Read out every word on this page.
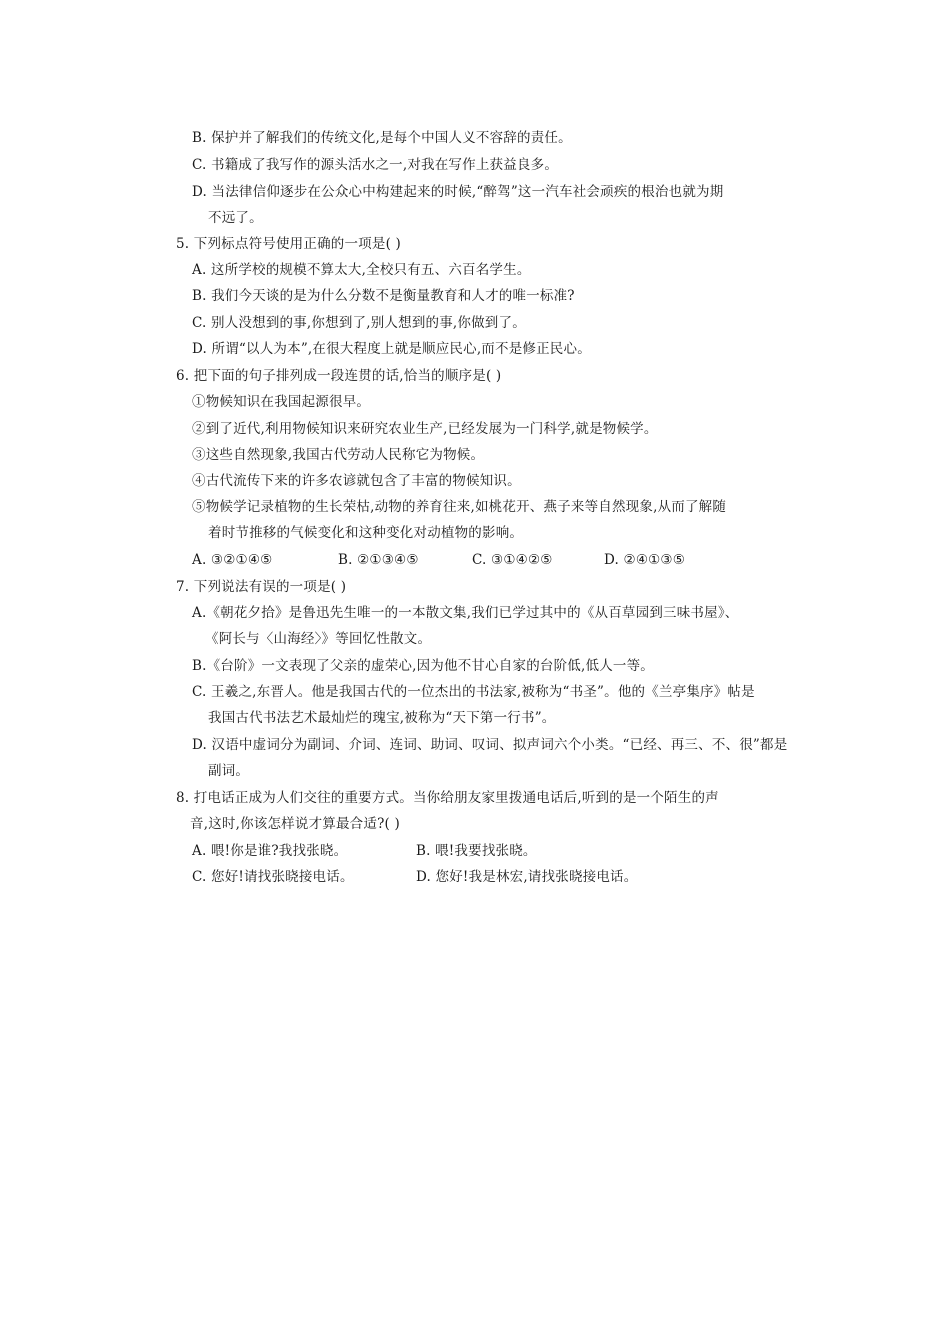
B. 保护并了解我们的传统文化,是每个中国人义不容辞的责任。
C. 书籍成了我写作的源头活水之一,对我在写作上获益良多。
D. 当法律信仰逐步在公众心中构建起来的时候,“醉驾”这一汽车社会顽疾的根治也就为期
不远了。
5. 下列标点符号使用正确的一项是( )
A. 这所学校的规模不算太大,全校只有五、六百名学生。
B. 我们今天谈的是为什么分数不是衡量教育和人才的唯一标准?
C. 别人没想到的事,你想到了,别人想到的事,你做到了。
D. 所谓“以人为本”,在很大程度上就是顺应民心,而不是修正民心。
6. 把下面的句子排列成一段连贯的话,恰当的顺序是( )
①物候知识在我国起源很早。
②到了近代,利用物候知识来研究农业生产,已经发展为一门科学,就是物候学。
③这些自然现象,我国古代劳动人民称它为物候。
④古代流传下来的许多农谚就包含了丰富的物候知识。
⑤物候学记录植物的生长荣枯,动物的养育往来,如桃花开、燕子来等自然现象,从而了解随
着时节推移的气候变化和这种变化对动植物的影响。
A. ③②①④⑤	B. ②①③④⑤	C. ③①④②⑤	D. ②④①③⑤
7. 下列说法有误的一项是( )
A.《朝花夕拾》是鲁迅先生唯一的一本散文集,我们已学过其中的《从百草园到三味书屋》、
《阿长与〈山海经〉》等回忆性散文。
B.《台阶》一文表现了父亲的虚荣心,因为他不甘心自家的台阶低,低人一等。
C. 王羲之,东晋人。他是我国古代的一位杰出的书法家,被称为“书圣”。他的《兰亭集序》帖是
我国古代书法艺术最灿烂的瑰宝,被称为“天下第一行书”。
D. 汉语中虚词分为副词、介词、连词、助词、叹词、拟声词六个小类。“已经、再三、不、很”都是
副词。
8. 打电话正成为人们交往的重要方式。当你给朋友家里拨通电话后,听到的是一个陌生的声
音,这时,你该怎样说才算最合适?( )
A. 喂!你是谁?我找张晓。	B. 喂!我要找张晓。
C. 您好!请找张晓接电话。	D. 您好!我是林宏,请找张晓接电话。
